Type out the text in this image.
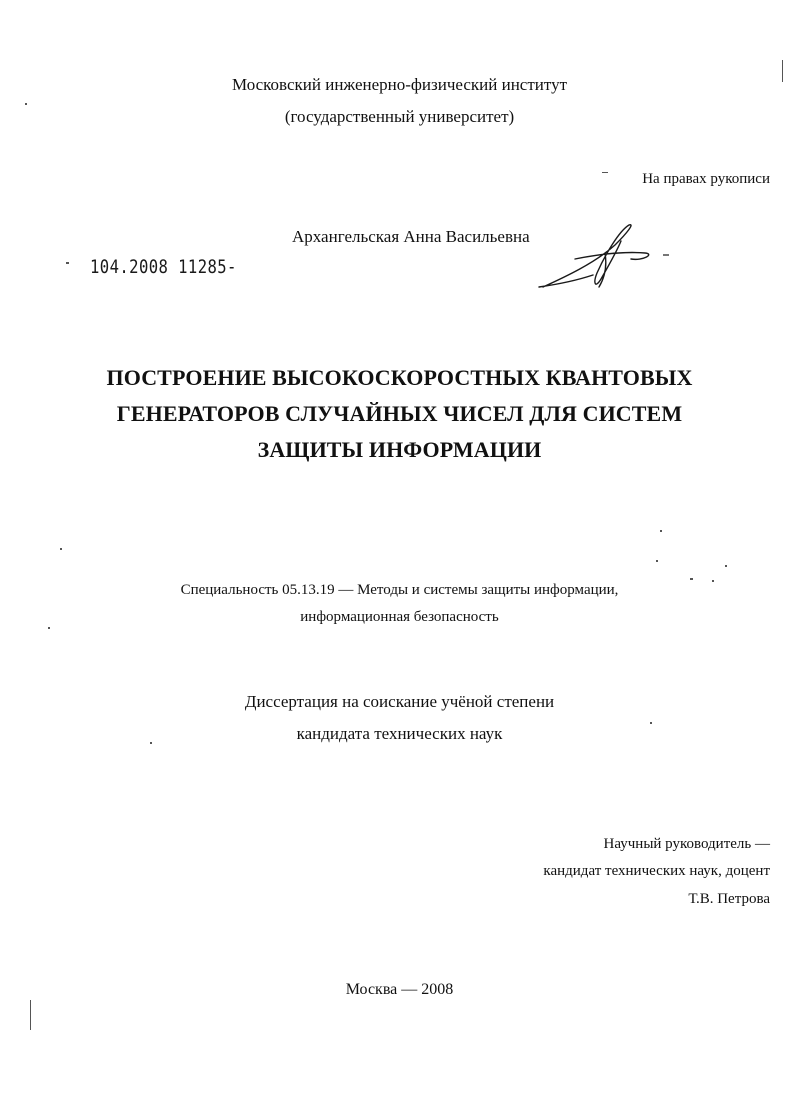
Московский инженерно-физический институт
(государственный университет)
На правах рукописи
Архангельская Анна Васильевна
104.2008 11285-
ПОСТРОЕНИЕ ВЫСОКОСКОРОСТНЫХ КВАНТОВЫХ
ГЕНЕРАТОРОВ СЛУЧАЙНЫХ ЧИСЕЛ ДЛЯ СИСТЕМ
ЗАЩИТЫ ИНФОРМАЦИИ
Специальность 05.13.19 — Методы и системы защиты информации,
информационная безопасность
Диссертация на соискание учёной степени
кандидата технических наук
Научный руководитель —
кандидат технических наук, доцент
Т.В. Петрова
Москва — 2008
